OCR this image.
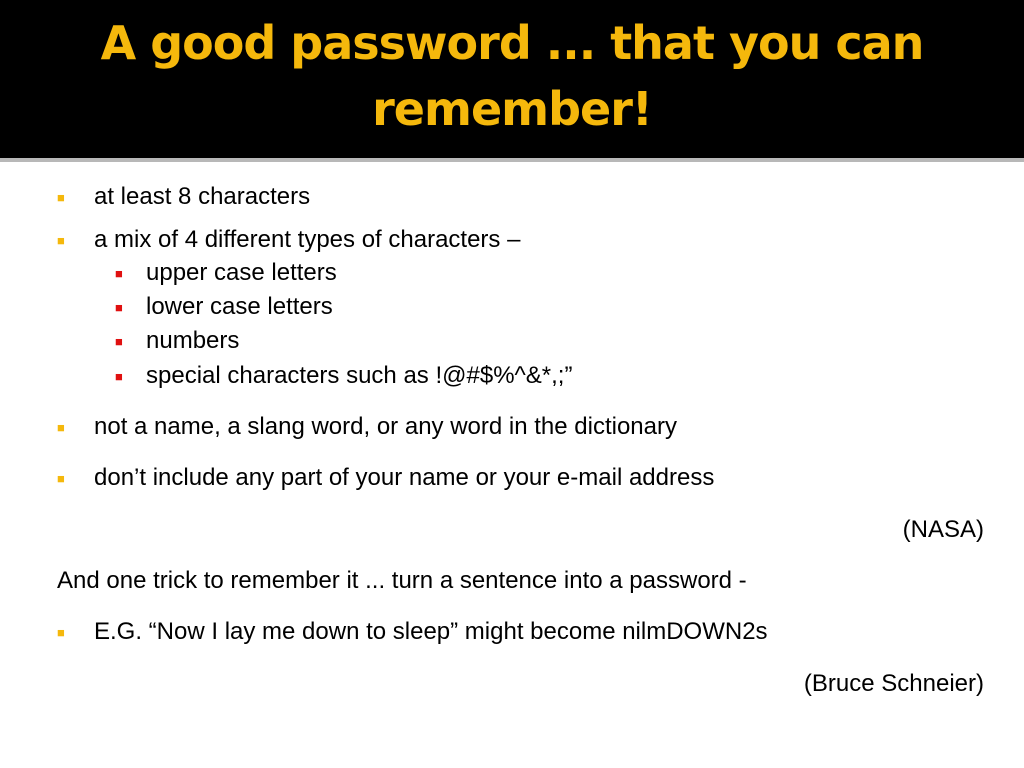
A good password ... that you can remember!
■ at least 8 characters
■ a mix of 4 different types of characters –
■ upper case letters
■ lower case letters
■ numbers
■ special characters such as !@#$%^&*,;”
■ not a name, a slang word, or any word in the dictionary
■ don’t include any part of your name or your e-mail address
(NASA)
And one trick to remember it ... turn a sentence into a password -
■ E.G. “Now I lay me down to sleep” might become nilmDOWN2s
(Bruce Schneier)
